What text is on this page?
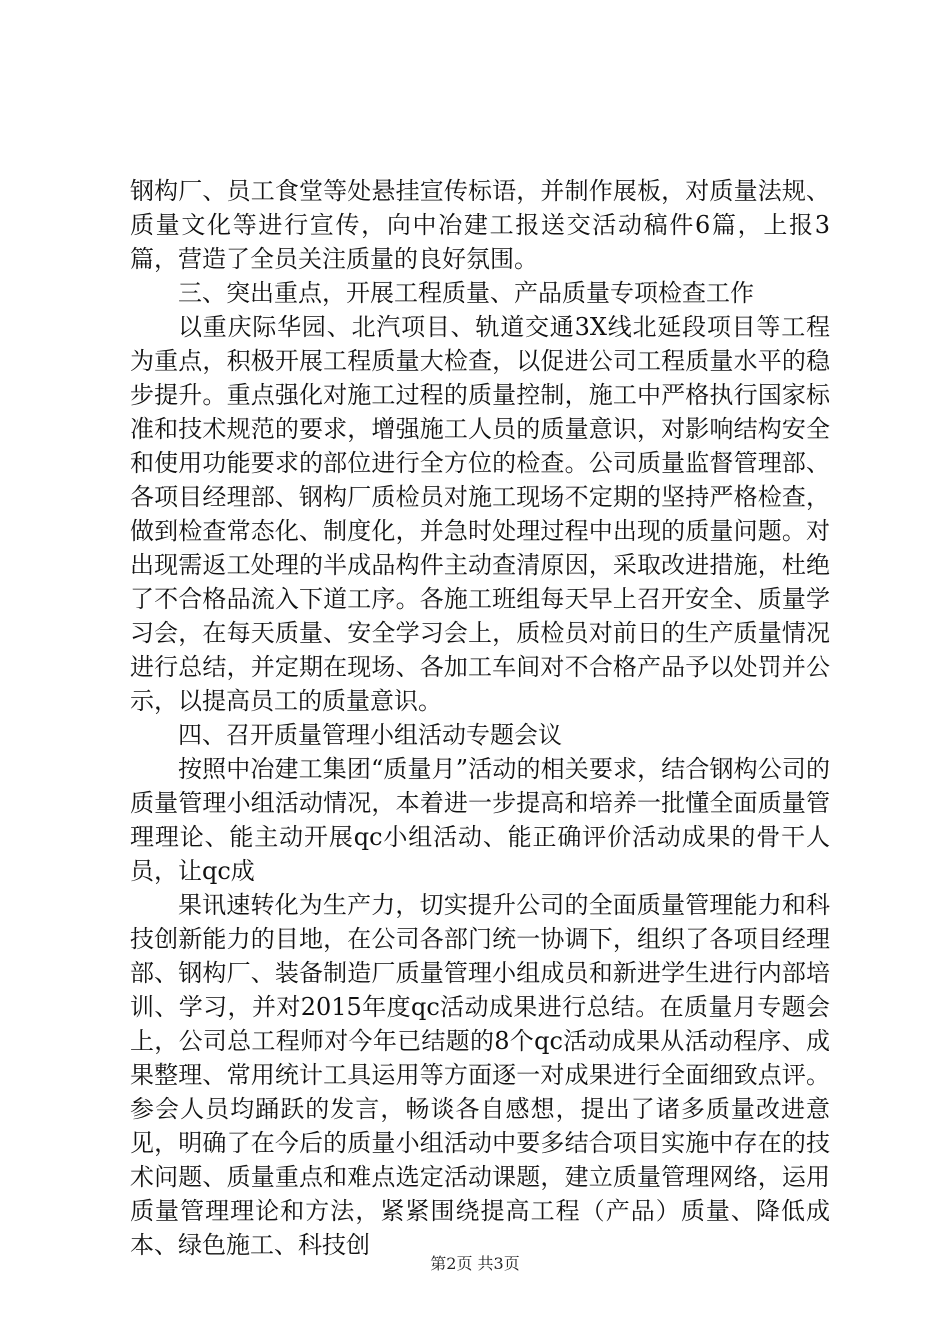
钢构厂、员工食堂等处悬挂宣传标语，并制作展板，对质量法规、质量文化等进行宣传，向中冶建工报送交活动稿件6篇，上报3篇，营造了全员关注质量的良好氛围。

三、突出重点，开展工程质量、产品质量专项检查工作

以重庆际华园、北汽项目、轨道交通3X线北延段项目等工程为重点，积极开展工程质量大检查，以促进公司工程质量水平的稳步提升。重点强化对施工过程的质量控制，施工中严格执行国家标准和技术规范的要求，增强施工人员的质量意识，对影响结构安全和使用功能要求的部位进行全方位的检查。公司质量监督管理部、各项目经理部、钢构厂质检员对施工现场不定期的坚持严格检查，做到检查常态化、制度化，并急时处理过程中出现的质量问题。对出现需返工处理的半成品构件主动查清原因，采取改进措施，杜绝了不合格品流入下道工序。各施工班组每天早上召开安全、质量学习会，在每天质量、安全学习会上，质检员对前日的生产质量情况进行总结，并定期在现场、各加工车间对不合格产品予以处罚并公示，以提高员工的质量意识。

四、召开质量管理小组活动专题会议

按照中冶建工集团“质量月”活动的相关要求，结合钢构公司的质量管理小组活动情况，本着进一步提高和培养一批懂全面质量管理理论、能主动开展qc小组活动、能正确评价活动成果的骨干人员，让qc成

果讯速转化为生产力，切实提升公司的全面质量管理能力和科技创新能力的目地，在公司各部门统一协调下，组织了各项目经理部、钢构厂、装备制造厂质量管理小组成员和新进学生进行内部培训、学习，并对2015年度qc活动成果进行总结。在质量月专题会上，公司总工程师对今年已结题的8个qc活动成果从活动程序、成果整理、常用统计工具运用等方面逐一对成果进行全面细致点评。参会人员均踊跃的发言，畅谈各自感想，提出了诸多质量改进意见，明确了在今后的质量小组活动中要多结合项目实施中存在的技术问题、质量重点和难点选定活动课题，建立质量管理网络，运用质量管理理论和方法，紧紧围绕提高工程（产品）质量、降低成本、绿色施工、科技创

第2页 共3页
